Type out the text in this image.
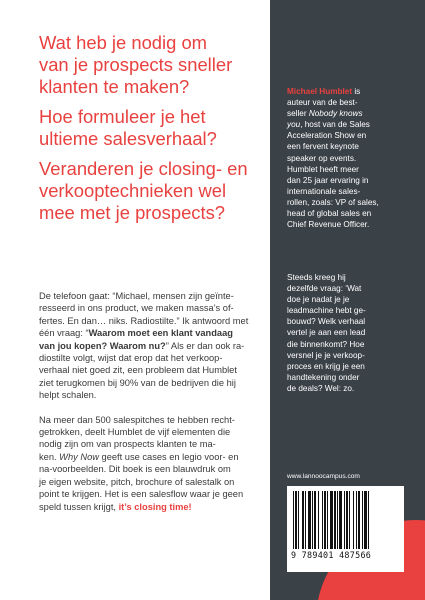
Wat heb je nodig om
van je prospects sneller
klanten te maken?
Hoe formuleer je het
ultieme salesverhaal?
Veranderen je closing- en
verkooptechnieken wel
mee met je prospects?
De telefoon gaat: “Michael, mensen zijn geïnte-
resseerd in ons product, we maken massa’s of-
fertes. En dan… niks. Radiostilte.” Ik antwoord met
één vraag: “Waarom moet een klant vandaag
van jou kopen? Waarom nu?” Als er dan ook ra-
diostilte volgt, wijst dat erop dat het verkoop-
verhaal niet goed zit, een probleem dat Humblet
ziet terugkomen bij 90% van de bedrijven die hij
helpt schalen.
Na meer dan 500 salespitches te hebben recht-
getrokken, deelt Humblet de vijf elementen die
nodig zijn om van prospects klanten te ma-
ken. Why Now geeft use cases en legio voor- en
na-voorbeelden. Dit boek is een blauwdruk om
je eigen website, pitch, brochure of salestalk on
point te krijgen. Het is een salesflow waar je geen
speld tussen krijgt, it’s closing time!
Michael Humblet is
auteur van de best-
seller Nobody knows
you, host van de Sales
Acceleration Show en
een fervent keynote
speaker op events.
Humblet heeft meer
dan 25 jaar ervaring in
internationale sales-
rollen, zoals: VP of sales,
head of global sales en
Chief Revenue Officer.
Steeds kreeg hij
dezelfde vraag: ‘Wat
doe je nadat je je
leadmachine hebt ge-
bouwd? Welk verhaal
vertel je aan een lead
die binnenkomt? Hoe
versnel je je verkoop-
proces en krijg je een
handtekening onder
de deals? Wel: zo.
www.lannoocampus.com
9 789401 487566
